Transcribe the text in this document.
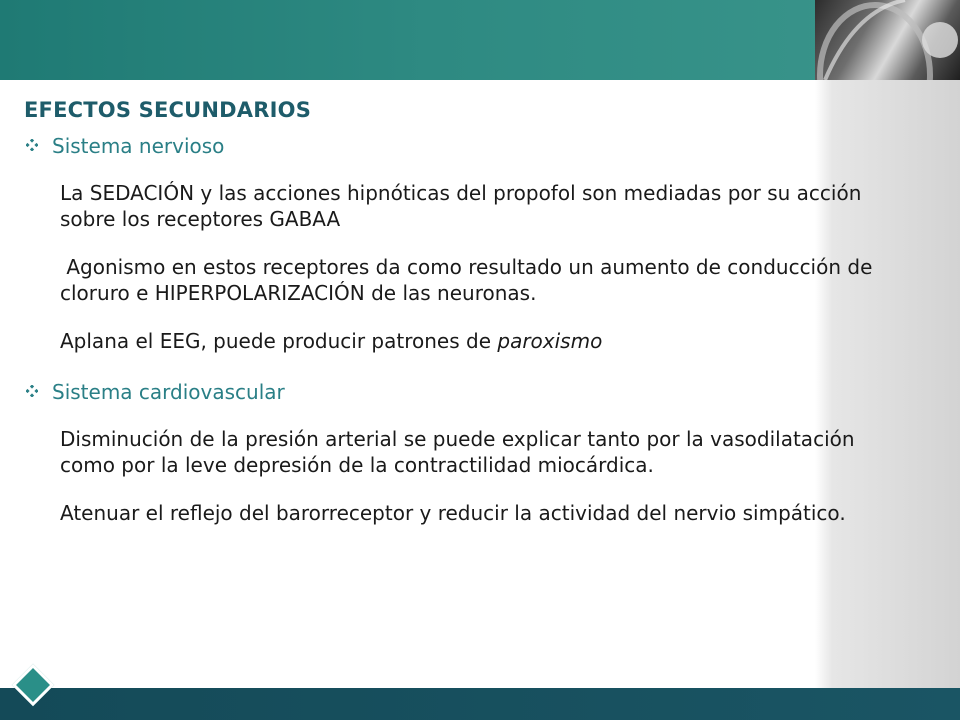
EFECTOS SECUNDARIOS
Sistema nervioso
La SEDACIÓN y las acciones hipnóticas del propofol son mediadas por su acción sobre los receptores GABAA
Agonismo en estos receptores da como resultado un aumento de conducción de cloruro e HIPERPOLARIZACIÓN de las neuronas.
Aplana el EEG, puede producir patrones de paroxismo
Sistema cardiovascular
Disminución de la presión arterial se puede explicar tanto por la vasodilatación como por la leve depresión de la contractilidad miocárdica.
Atenuar el reflejo del barorreceptor y reducir la actividad del nervio simpático.
